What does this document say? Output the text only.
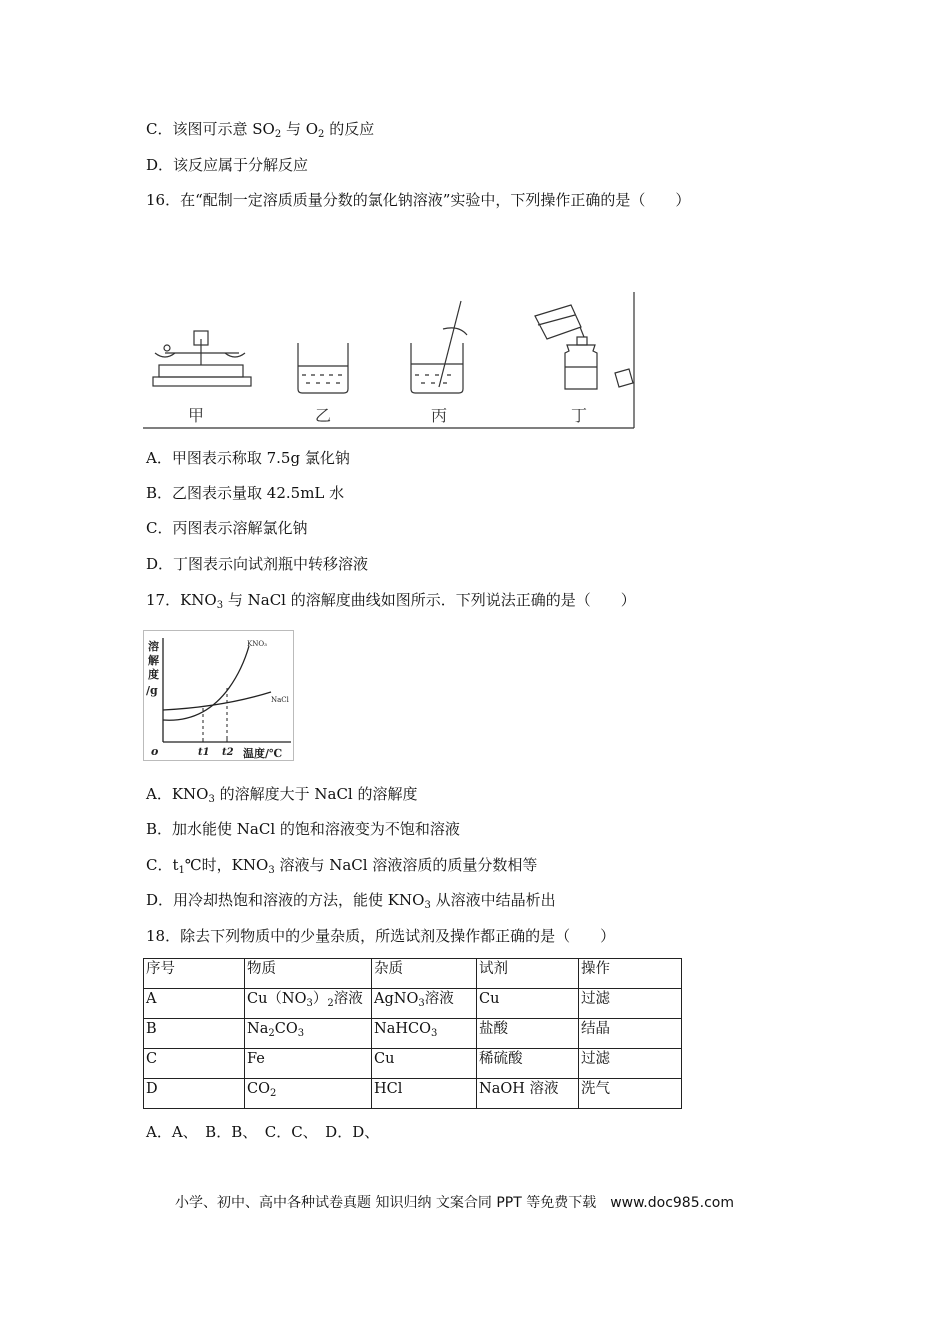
C．该图可示意 $SO_2$ 与 $O_2$ 的反应
D．该反应属于分解反应
16．在“配制一定溶质质量分数的氯化钠溶液”实验中，下列操作正确的是（　　）
甲	乙	丙	丁
A．甲图表示称取 7.5g 氯化钠
B．乙图表示量取 42.5mL 水
C．丙图表示溶解氯化钠
D．丁图表示向试剂瓶中转移溶液
17．$KNO_3$ 与 NaCl 的溶解度曲线如图所示．下列说法正确的是（　　）
溶
解
度
/g
KNO₃
NaCl
o	t1 t2 温度/℃
A．$KNO_3$ 的溶解度大于 NaCl 的溶解度
B．加水能使 NaCl 的饱和溶液变为不饱和溶液
C．$t_1℃$时，$KNO_3$ 溶液与 NaCl 溶液溶质的质量分数相等
D．用冷却热饱和溶液的方法，能使 $KNO_3$ 从溶液中结晶析出
18．除去下列物质中的少量杂质，所选试剂及操作都正确的是（　　）
序号	物质	杂质	试剂	操作
A	$Cu(NO_3)_2$溶液	AgNO$_3$溶液	Cu	过滤
B	$Na_2CO_3$	NaHCO$_3$	盐酸	结晶
C	Fe	Cu	稀硫酸	过滤
D	$CO_2$	HCl	NaOH 溶液	洗气
A．A、　B．B、　C．C、　D．D、
小学、初中、高中各种试卷真题 知识归纳 文案合同 PPT 等免费下载　www.doc985.com
